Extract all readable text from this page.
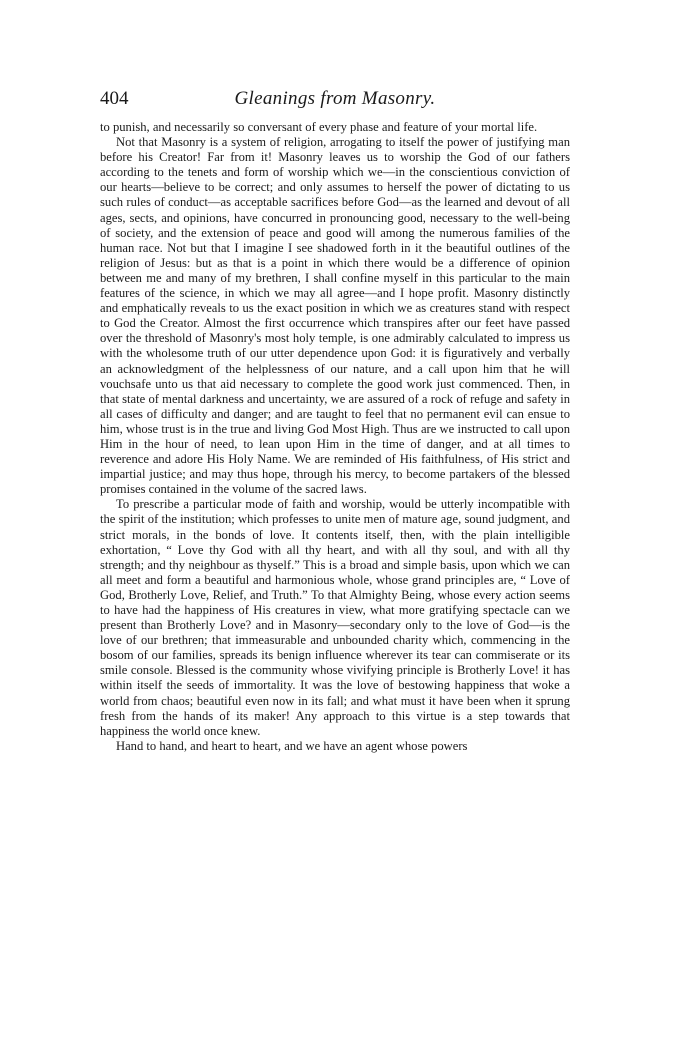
404	Gleanings from Masonry.

to punish, and necessarily so conversant of every phase and feature of your mortal life.

Not that Masonry is a system of religion, arrogating to itself the power of justifying man before his Creator! Far from it! Masonry leaves us to worship the God of our fathers according to the tenets and form of worship which we—in the conscientious conviction of our hearts—believe to be correct; and only assumes to herself the power of dictating to us such rules of conduct—as acceptable sacrifices before God—as the learned and devout of all ages, sects, and opinions, have concurred in pronouncing good, necessary to the well-being of society, and the extension of peace and good will among the numerous families of the human race. Not but that I imagine I see shadowed forth in it the beautiful outlines of the religion of Jesus: but as that is a point in which there would be a difference of opinion between me and many of my brethren, I shall confine myself in this particular to the main features of the science, in which we may all agree—and I hope profit. Masonry distinctly and emphatically reveals to us the exact position in which we as creatures stand with respect to God the Creator. Almost the first occurrence which transpires after our feet have passed over the threshold of Masonry's most holy temple, is one admirably calculated to impress us with the wholesome truth of our utter dependence upon God: it is figuratively and verbally an acknowledgment of the helplessness of our nature, and a call upon him that he will vouchsafe unto us that aid necessary to complete the good work just commenced. Then, in that state of mental darkness and uncertainty, we are assured of a rock of refuge and safety in all cases of difficulty and danger; and are taught to feel that no permanent evil can ensue to him, whose trust is in the true and living God Most High. Thus are we instructed to call upon Him in the hour of need, to lean upon Him in the time of danger, and at all times to reverence and adore His Holy Name. We are reminded of His faithfulness, of His strict and impartial justice; and may thus hope, through his mercy, to become partakers of the blessed promises contained in the volume of the sacred laws.

To prescribe a particular mode of faith and worship, would be utterly incompatible with the spirit of the institution; which professes to unite men of mature age, sound judgment, and strict morals, in the bonds of love. It contents itself, then, with the plain intelligible exhortation, “ Love thy God with all thy heart, and with all thy soul, and with all thy strength; and thy neighbour as thyself.” This is a broad and simple basis, upon which we can all meet and form a beautiful and harmonious whole, whose grand principles are, “ Love of God, Brotherly Love, Relief, and Truth.” To that Almighty Being, whose every action seems to have had the happiness of His creatures in view, what more gratifying spectacle can we present than Brotherly Love? and in Masonry—secondary only to the love of God—is the love of our brethren; that immeasurable and unbounded charity which, commencing in the bosom of our families, spreads its benign influence wherever its tear can commiserate or its smile console. Blessed is the community whose vivifying principle is Brotherly Love! it has within itself the seeds of immortality. It was the love of bestowing happiness that woke a world from chaos; beautiful even now in its fall; and what must it have been when it sprung fresh from the hands of its maker! Any approach to this virtue is a step towards that happiness the world once knew.

Hand to hand, and heart to heart, and we have an agent whose powers
